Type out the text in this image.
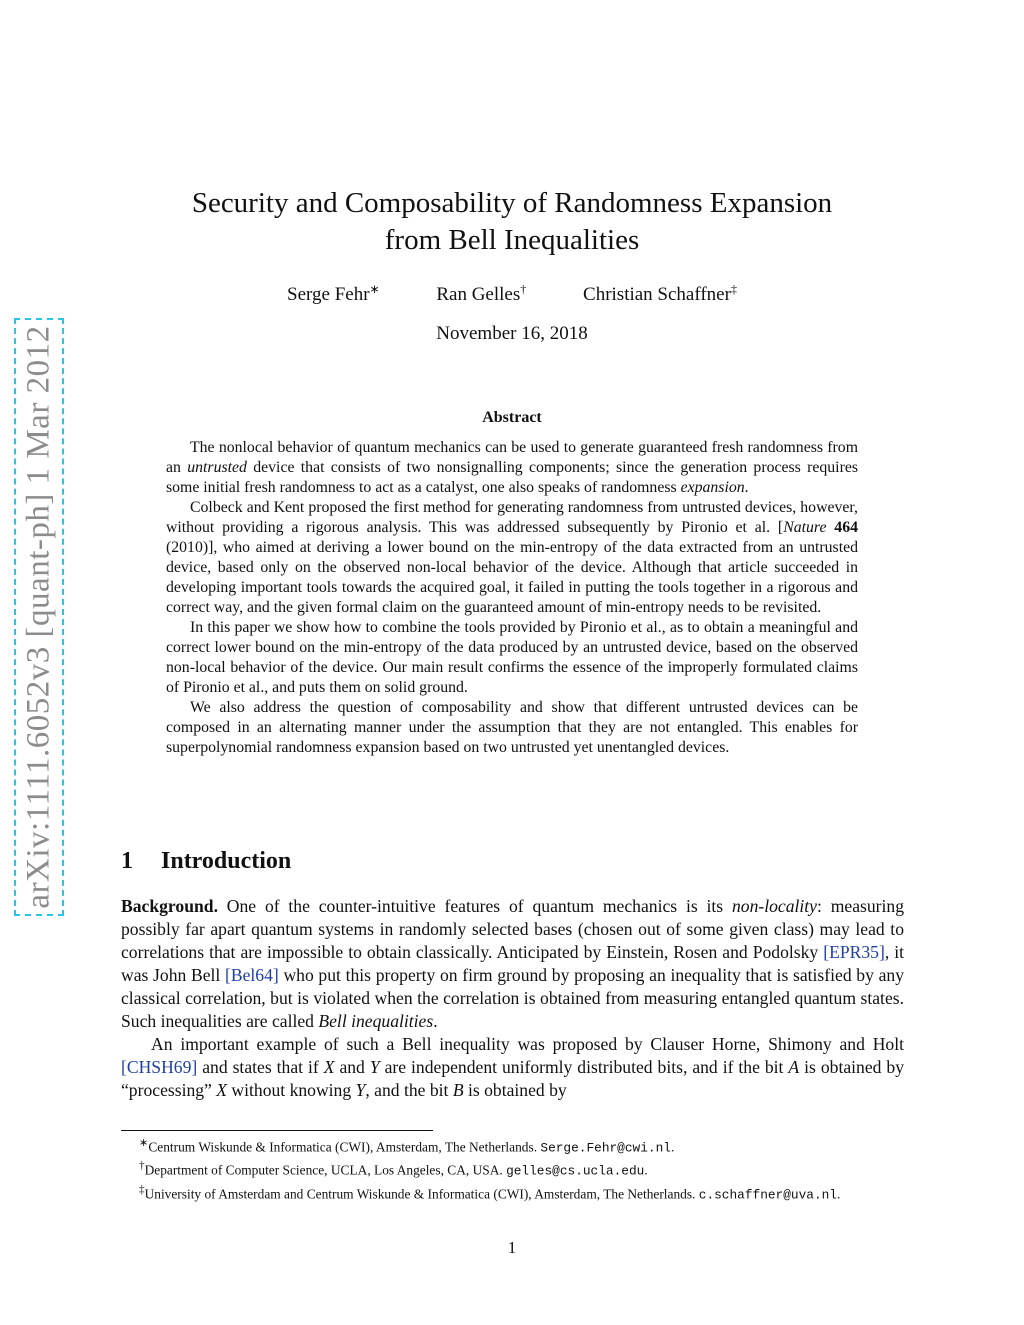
arXiv:1111.6052v3 [quant-ph] 1 Mar 2012
Security and Composability of Randomness Expansion
from Bell Inequalities
Serge Fehr∗	Ran Gelles†	Christian Schaffner‡
November 16, 2018
Abstract

The nonlocal behavior of quantum mechanics can be used to generate guaranteed fresh randomness from an untrusted device that consists of two nonsignalling components; since the generation process requires some initial fresh randomness to act as a catalyst, one also speaks of randomness expansion.

Colbeck and Kent proposed the first method for generating randomness from untrusted devices, however, without providing a rigorous analysis. This was addressed subsequently by Pironio et al. [Nature 464 (2010)], who aimed at deriving a lower bound on the min-entropy of the data extracted from an untrusted device, based only on the observed non-local behavior of the device. Although that article succeeded in developing important tools towards the acquired goal, it failed in putting the tools together in a rigorous and correct way, and the given formal claim on the guaranteed amount of min-entropy needs to be revisited.

In this paper we show how to combine the tools provided by Pironio et al., as to obtain a meaningful and correct lower bound on the min-entropy of the data produced by an untrusted device, based on the observed non-local behavior of the device. Our main result confirms the essence of the improperly formulated claims of Pironio et al., and puts them on solid ground.

We also address the question of composability and show that different untrusted devices can be composed in an alternating manner under the assumption that they are not entangled. This enables for superpolynomial randomness expansion based on two untrusted yet unentangled devices.

1 Introduction

Background. One of the counter-intuitive features of quantum mechanics is its non-locality: measuring possibly far apart quantum systems in randomly selected bases (chosen out of some given class) may lead to correlations that are impossible to obtain classically. Anticipated by Einstein, Rosen and Podolsky [EPR35], it was John Bell [Bel64] who put this property on firm ground by proposing an inequality that is satisfied by any classical correlation, but is violated when the correlation is obtained from measuring entangled quantum states. Such inequalities are called Bell inequalities.

An important example of such a Bell inequality was proposed by Clauser Horne, Shimony and Holt [CHSH69] and states that if X and Y are independent uniformly distributed bits, and if the bit A is obtained by “processing” X without knowing Y, and the bit B is obtained by

∗Centrum Wiskunde & Informatica (CWI), Amsterdam, The Netherlands. Serge.Fehr@cwi.nl.

†Department of Computer Science, UCLA, Los Angeles, CA, USA. gelles@cs.ucla.edu.

‡University of Amsterdam and Centrum Wiskunde & Informatica (CWI), Amsterdam, The Netherlands. c.schaffner@uva.nl.

1
